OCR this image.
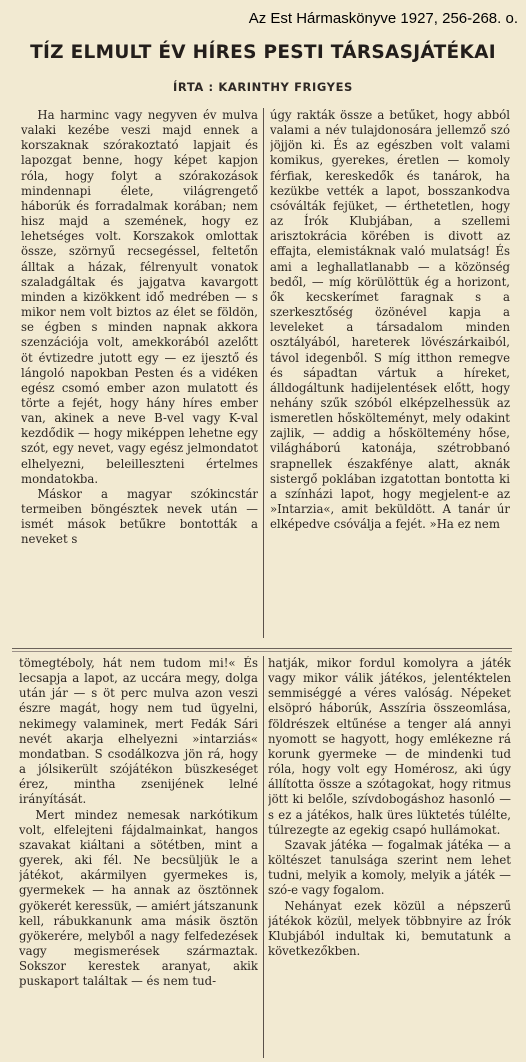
Az Est Hármaskönyve 1927, 256-268. o.
TÍZ ELMULT ÉV HÍRES PESTI TÁRSASJÁTÉKAI
ÍRTA : KARINTHY FRIGYES

Ha harminc vagy negyven év mulva valaki kezébe veszi majd ennek a korszaknak szórakoztató lapjait és lapozgat benne, hogy képet kapjon róla, hogy folyt a szórakozások mindennapi élete, világrengető háborúk és forradalmak korában; nem hisz majd a szemének, hogy ez lehetséges volt. Korszakok omlottak össze, szörnyű recsegéssel, feltetőn álltak a házak, félrenyult vonatok szaladgáltak és jajgatva kavargott minden a kizökkent idő medrében — s mikor nem volt biztos az élet se földön, se égben s minden napnak akkora szenzációja volt, amekkorából azelőtt öt évtizedre jutott egy — ez ijesztő és lángoló napokban Pesten és a vidéken egész csomó ember azon mulatott és törte a fejét, hogy hány híres ember van, akinek a neve B-vel vagy K-val kezdődik — hogy miképpen lehetne egy szót, egy nevet, vagy egész jelmondatot elhelyezni, beleilleszteni értelmes mondatokba.

Máskor a magyar szókincstár termeiben böngésztek nevek után — ismét mások betűkre bontották a neveket s

úgy rakták össze a betűket, hogy abból valami a név tulajdonosára jellemző szó jöjjön ki. És az egészben volt valami komikus, gyerekes, éretlen — komoly férfiak, kereskedők és tanárok, ha kezükbe vették a lapot, bosszankodva csóválták fejüket, — érthetetlen, hogy az Írók Klubjában, a szellemi arisztokrácia körében is divott az effajta, elemistáknak való mulatság! És ami a leghallatlanabb — a közönség bedől, — míg körülöttük ég a horizont, ők kecskerímet faragnak s a szerkesztőség özönével kapja a leveleket a társadalom minden osztályából, hareterek lövészárkaiból, távol idegenből. S míg itthon remegve és sápadtan vártuk a híreket, álldogáltunk hadijelentések előtt, hogy nehány szűk szóból elképzelhessük az ismeretlen hőskölteményt, mely odakint zajlik, — addig a hősköltemény hőse, világháború katonája, szétrobbanó srapnellek északfénye alatt, aknák sistergő poklában izgatottan bontotta ki a színházi lapot, hogy megjelent-e az »Intarzia«, amit beküldött. A tanár úr elképedve csóválja a fejét. »Ha ez nem

tömegtéboly, hát nem tudom mi!« És lecsapja a lapot, az uccára megy, dolga után jár — s öt perc mulva azon veszi észre magát, hogy nem tud ügyelni, nekimegy valaminek, mert Fedák Sári nevét akarja elhelyezni »intarziás« mondatban. S csodálkozva jön rá, hogy a jólsikerült szójátékon büszkeséget érez, mintha zsenijének lelné irányítását.

Mert mindez nemesak narkótikum volt, elfelejteni fájdalmainkat, hangos szavakat kiáltani a sötétben, mint a gyerek, aki fél. Ne becsüljük le a játékot, akármilyen gyermekes is, gyermekek — ha annak az ösztönnek gyökerét keressük, — amiért játszanunk kell, rábukkanunk ama másik ösztön gyökerére, melyből a nagy felfedezések vagy megismerések származtak. Sokszor kerestek aranyat, akik puskaport találtak — és nem tud-

hatják, mikor fordul komolyra a játék vagy mikor válik játékos, jelentéktelen semmiséggé a véres valóság. Népeket elsöpró háborúk, Asszíria összeomlása, földrészek eltűnése a tenger alá annyi nyomott se hagyott, hogy emlékezne rá korunk gyermeke — de mindenki tud róla, hogy volt egy Homérosz, aki úgy állította össze a szótagokat, hogy ritmus jött ki belőle, szívdobogáshoz hasonló — s ez a játékos, halk üres lüktetés túlélte, túlrezegte az egekig csapó hullámokat.

Szavak játéka — fogalmak játéka — a költészet tanulsága szerint nem lehet tudni, melyik a komoly, melyik a játék — szó-e vagy fogalom.

Nehányat ezek közül a népszerű játékok közül, melyek többnyire az Írók Klubjából indultak ki, bemutatunk a következőkben.
